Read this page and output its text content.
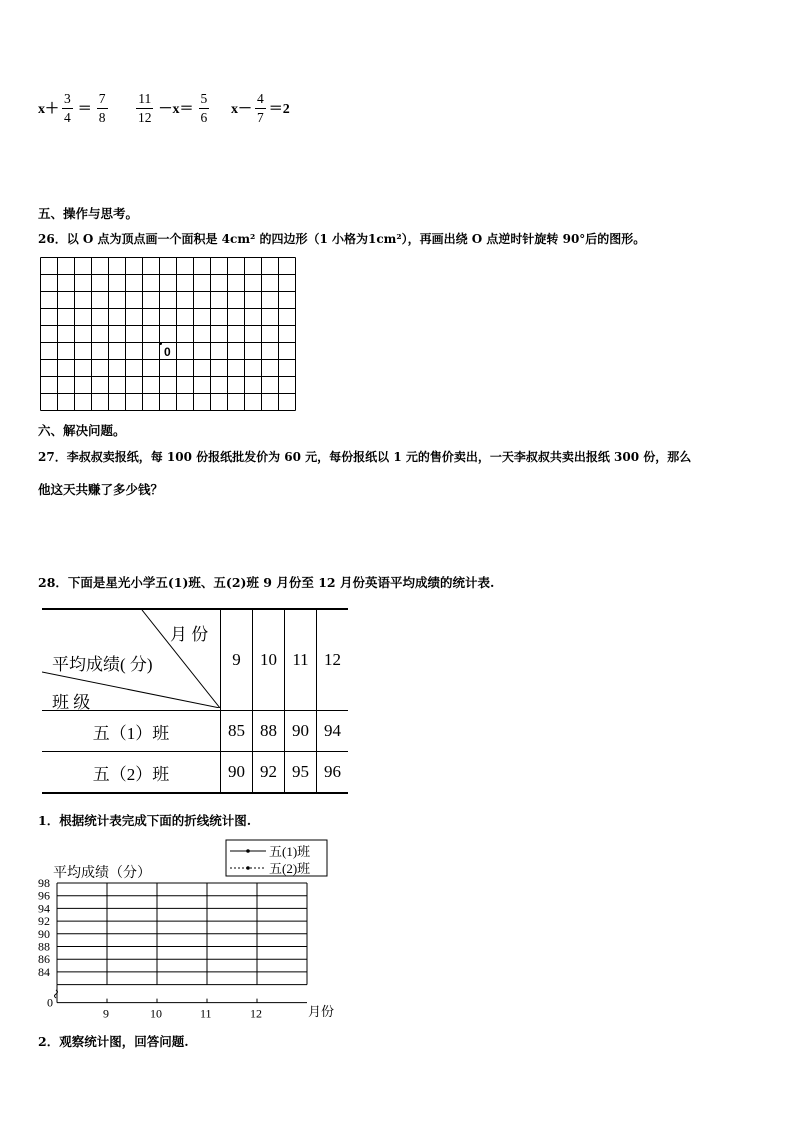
$x+ \frac{3}{4} = \frac{7}{8} \frac{11}{12} -x= \frac{5}{6} x- \frac{4}{7} =2$
五、操作与思考。
26．以 O 点为顶点画一个面积是 4cm² 的四边形（1 小格为1cm²），再画出绕 O 点逆时针旋转 90°后的图形。
0
六、解决问题。
27．李叔叔卖报纸，每 100 份报纸批发价为 60 元，每份报纸以 1 元的售价卖出，一天李叔叔共卖出报纸 300 份，那么
他这天共赚了多少钱？
28．下面是星光小学五(1)班、五(2)班 9 月份至 12 月份英语平均成绩的统计表.
月 份
平均成绩( 分)
班 级	9	10	11	12
五（1）班	85	88	90	94
五（2）班	90	92	95	96
1．根据统计表完成下面的折线统计图.
平均成绩（分）
五(1)班
五(2)班
98
96
94
92
90
88
86
84
0
9	10	11	12	月份
2．观察统计图，回答问题.
